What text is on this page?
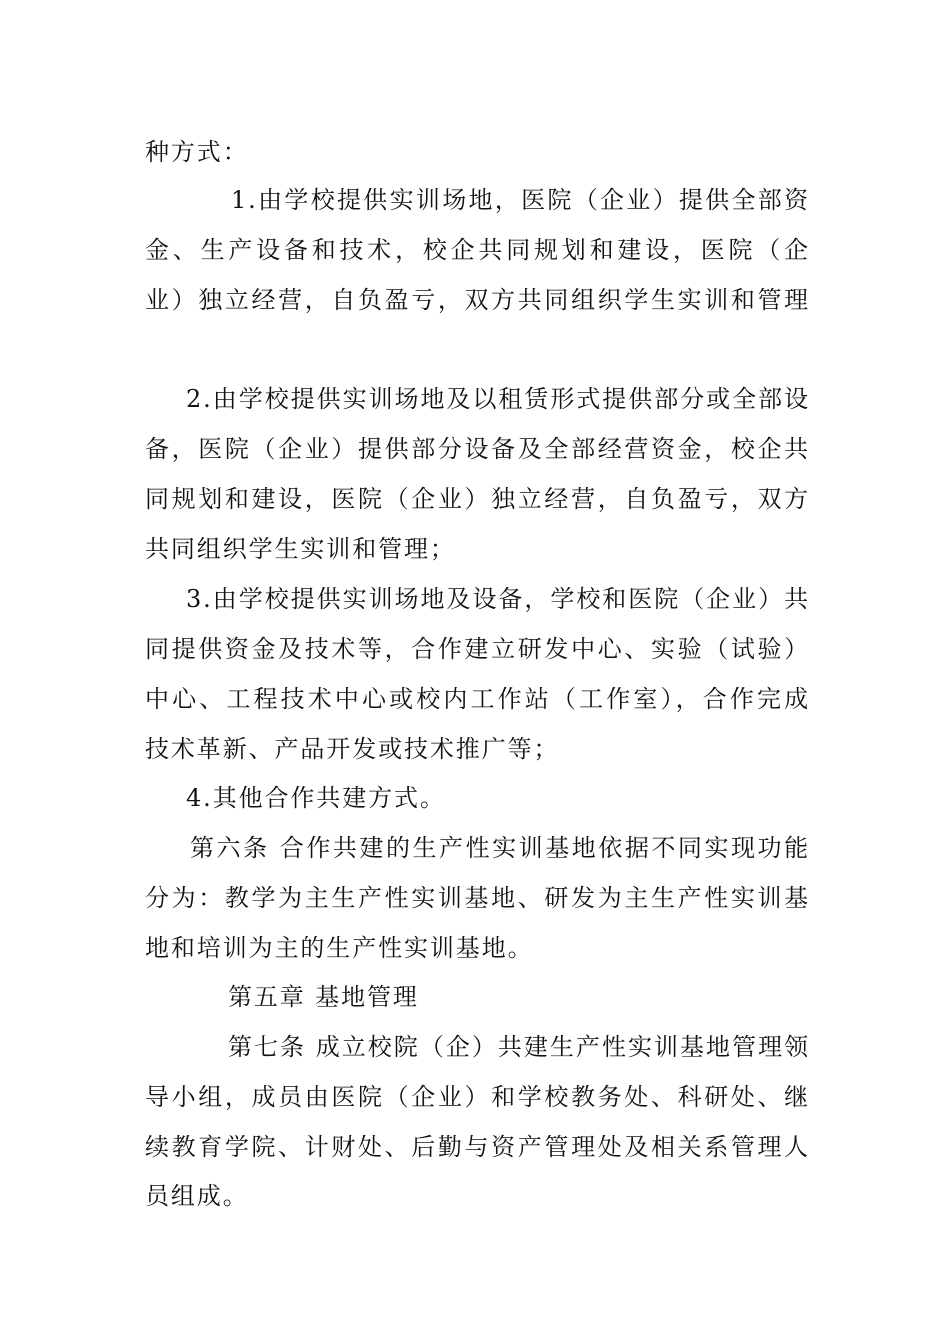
种方式：
1.由学校提供实训场地，医院（企业）提供全部资
金、生产设备和技术，校企共同规划和建设，医院（企
业）独立经营，自负盈亏，双方共同组织学生实训和管理
2.由学校提供实训场地及以租赁形式提供部分或全部设
备，医院（企业）提供部分设备及全部经营资金，校企共
同规划和建设，医院（企业）独立经营，自负盈亏，双方
共同组织学生实训和管理；
3.由学校提供实训场地及设备，学校和医院（企业）共
同提供资金及技术等，合作建立研发中心、实验（试验）
中心、工程技术中心或校内工作站（工作室），合作完成
技术革新、产品开发或技术推广等；
4.其他合作共建方式。
第六条 合作共建的生产性实训基地依据不同实现功能
分为：教学为主生产性实训基地、研发为主生产性实训基
地和培训为主的生产性实训基地。
第五章 基地管理
第七条 成立校院（企）共建生产性实训基地管理领
导小组，成员由医院（企业）和学校教务处、科研处、继
续教育学院、计财处、后勤与资产管理处及相关系管理人
员组成。
